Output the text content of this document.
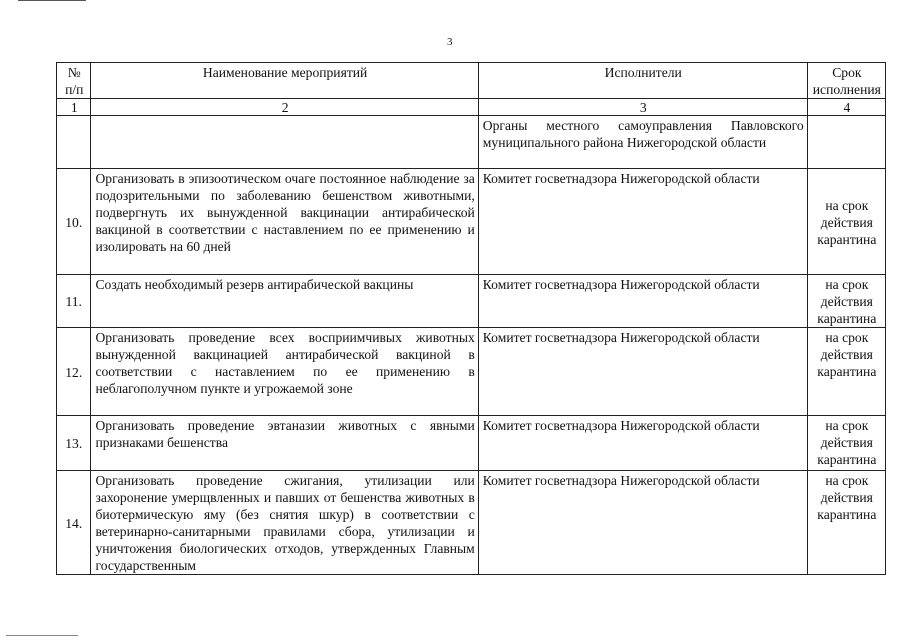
3
№ п/п	Наименование мероприятий	Исполнители	Срок исполнения
1	2	3	4
		Органы местного самоуправления Павловского муниципального района Нижегородской области	
10.	Организовать в эпизоотическом очаге постоянное наблюдение за подозрительными по заболеванию бешенством животными, подвергнуть их вынужденной вакцинации антирабической вакциной в соответствии с наставлением по ее применению и изолировать на 60 дней	Комитет госветнадзора Нижегородской области	на срок действия карантина
11.	Создать необходимый резерв антирабической вакцины	Комитет госветнадзора Нижегородской области	на срок действия карантина
12.	Организовать проведение всех восприимчивых животных вынужденной вакцинацией антирабической вакциной в соответствии с наставлением по ее применению в неблагополучном пункте и угрожаемой зоне	Комитет госветнадзора Нижегородской области	на срок действия карантина
13.	Организовать проведение эвтаназии животных с явными признаками бешенства	Комитет госветнадзора Нижегородской области	на срок действия карантина
14.	Организовать проведение сжигания, утилизации или захоронение умерщвленных и павших от бешенства животных в биотермическую яму (без снятия шкур) в соответствии с ветеринарно-санитарными правилами сбора, утилизации и уничтожения биологических отходов, утвержденных Главным государственным	Комитет госветнадзора Нижегородской области	на срок действия карантина
